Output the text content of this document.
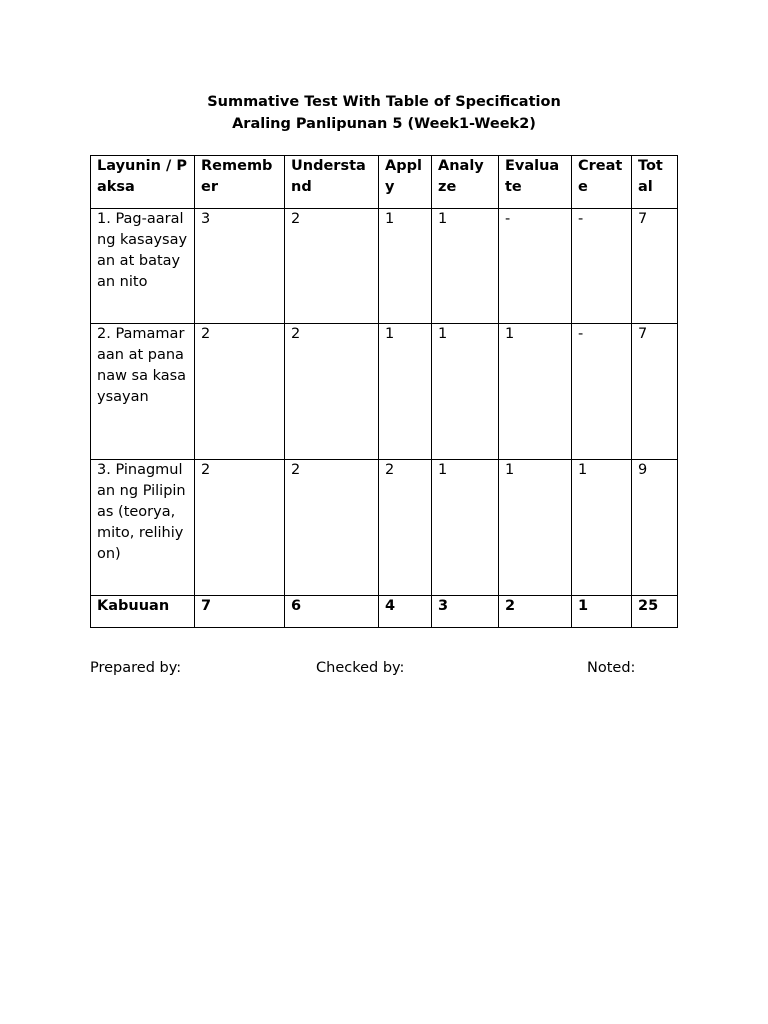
Summative Test With Table of Specification
Araling Panlipunan 5 (Week1-Week2)
Layunin / Paksa	Remember	Understand	Apply	Analyze	Evaluate	Create	Total
1. Pag-aaral ng kasaysayan at batayan nito	3	2	1	1	-	-	7
2. Pamamaraan at pananaw sa kasaysayan	2	2	1	1	1	-	7
3. Pinagmulan ng Pilipinas (teorya, mito, relihiyon)	2	2	2	1	1	1	9
Kabuuan	7	6	4	3	2	1	25
Prepared by:	Checked by:	Noted:
